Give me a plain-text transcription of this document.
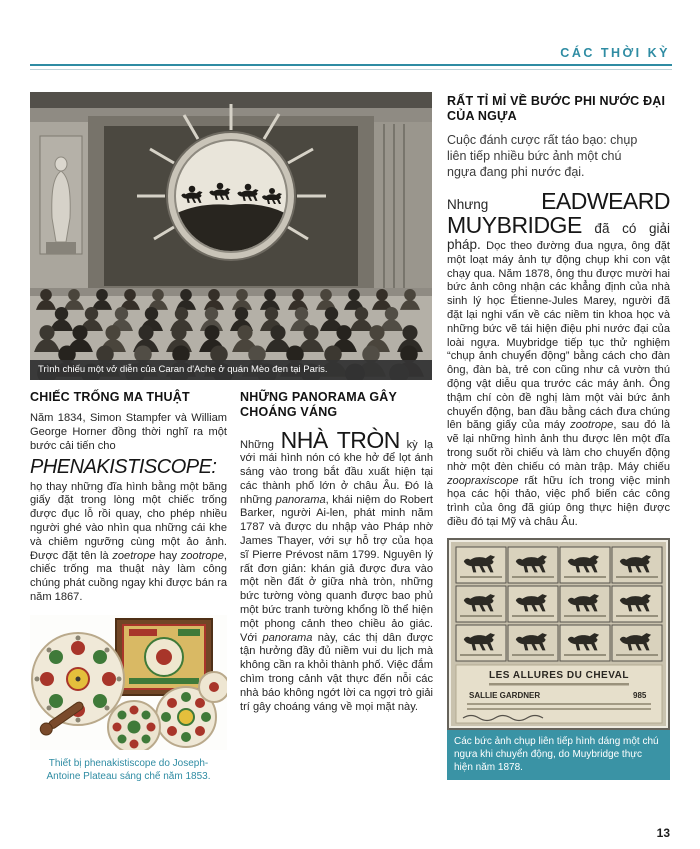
CÁC THỜI KỲ
Trình chiếu một vở diễn của Caran d'Ache ở quán Mèo đen tại Paris.
RẤT TỈ MỈ VỀ BƯỚC PHI NƯỚC ĐẠI CỦA NGỰA

Cuộc đánh cược rất táo bạo: chụp liên tiếp nhiều bức ảnh một chú ngựa đang phi nước đại.

Nhưng EADWEARD MUYBRIDGE đã có giải pháp. Dọc theo đường đua ngựa, ông đặt một loạt máy ảnh tự động chụp khi con vật chạy qua. Năm 1878, ông thu được mười hai bức ảnh công nhận các khẳng định của nhà sinh lý học Étienne-Jules Marey, người đã đặt lại nghi vấn về các niềm tin khoa học và những bức vẽ tái hiện điệu phi nước đại của loài ngựa. Muybridge tiếp tục thử nghiệm “chụp ảnh chuyển động” bằng cách cho đàn ông, đàn bà, trẻ con cũng như cả vườn thú động vật diễu qua trước các máy ảnh. Ông thậm chí còn đề nghị làm một vài bức ảnh chuyển động, ban đầu bằng cách đưa chúng lên băng giấy của máy zootrope, sau đó là vẽ lại những hình ảnh thu được lên một đĩa trong suốt rồi chiếu và làm cho chuyển động nhờ một đèn chiếu có màn trập. Máy chiếu zoopraxiscope rất hữu ích trong việc minh họa các hội thảo, việc phổ biến các công trình của ông đã giúp ông thực hiện được điều đó tại Mỹ và châu Âu.

LES ALLURES DU CHEVAL
SALLIE GARDNER	985
Các bức ảnh chụp liên tiếp hình dáng một chú ngựa khi chuyển động, do Muybridge thực hiện năm 1878.
CHIẾC TRỐNG MA THUẬT

Năm 1834, Simon Stampfer và William George Horner đồng thời nghĩ ra một bước cải tiến cho
PHENAKISTISCOPE:
họ thay những đĩa hình bằng một băng giấy đặt trong lòng một chiếc trống được đục lỗ rồi quay, cho phép nhiều người ghé vào nhìn qua những cái khe và chiêm ngưỡng cùng một ảo ảnh. Được đặt tên là zoetrope hay zootrope, chiếc trống ma thuật này làm công chúng phát cuồng ngay khi được bán ra năm 1867.

Thiết bị phenakistiscope do Joseph-Antoine Plateau sáng chế năm 1853.
NHỮNG PANORAMA GÂY CHOÁNG VÁNG

Những NHÀ TRÒN kỳ lạ với mái hình nón có khe hở để lọt ánh sáng vào trong bắt đầu xuất hiện tại các thành phố lớn ở châu Âu. Đó là những panorama, khái niệm do Robert Barker, người Ai-len, phát minh năm 1787 và được du nhập vào Pháp nhờ James Thayer, với sự hỗ trợ của họa sĩ Pierre Prévost năm 1799. Nguyên lý rất đơn giản: khán giả được đưa vào một nền đất ở giữa nhà tròn, những bức tường vòng quanh được bao phủ một bức tranh tường khổng lồ thể hiện một phong cảnh theo chiều ảo giác. Với panorama này, các thị dân được tận hưởng đầy đủ niềm vui du lịch mà không cần ra khỏi thành phố. Việc đắm chìm trong cảnh vật thực đến nỗi các nhà báo không ngớt lời ca ngợi trò giải trí gây choáng váng về mọi mặt này.

13
